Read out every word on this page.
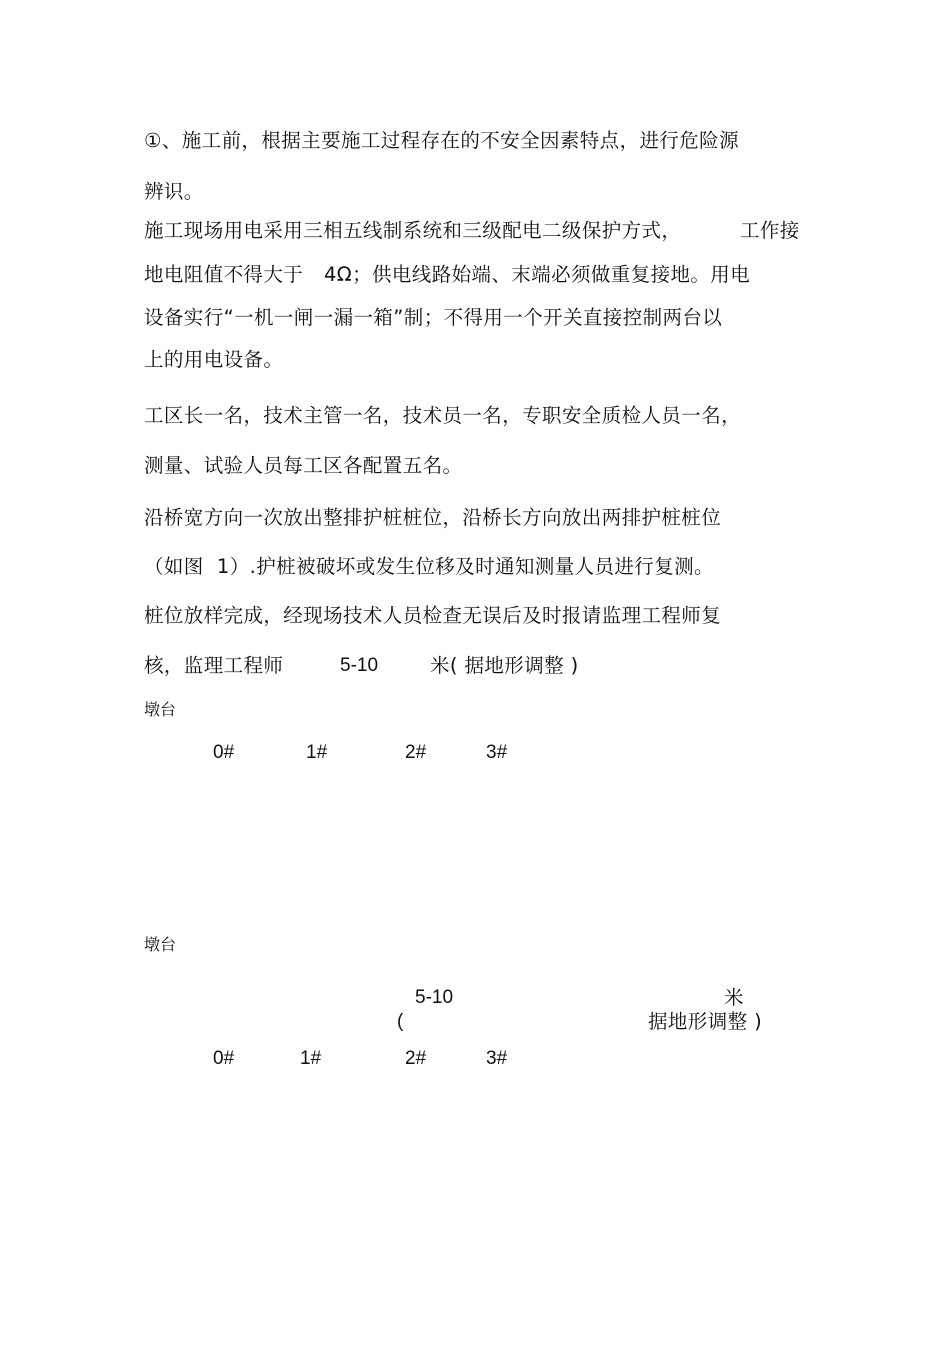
①、施工前，根据主要施工过程存在的不安全因素特点，进行危险源
辨识。
施工现场用电采用三相五线制系统和三级配电二级保护方式，	工作接
地电阻值不得大于 4Ω；供电线路始端、末端必须做重复接地。用电
设备实行“一机一闸一漏一箱”制；不得用一个开关直接控制两台以
上的用电设备。
工区长一名，技术主管一名，技术员一名，专职安全质检人员一名，
测量、试验人员每工区各配置五名。
沿桥宽方向一次放出整排护桩桩位，沿桥长方向放出两排护桩桩位
（如图  1）.护桩被破坏或发生位移及时通知测量人员进行复测。
桩位放样完成，经现场技术人员检查无误后及时报请监理工程师复
核，监理工程师	5-10	米( 据地形调整 )
墩台
0#	1#	2#	3#
墩台
5-10	米
(	据地形调整 )
0#	1#	2#	3#
